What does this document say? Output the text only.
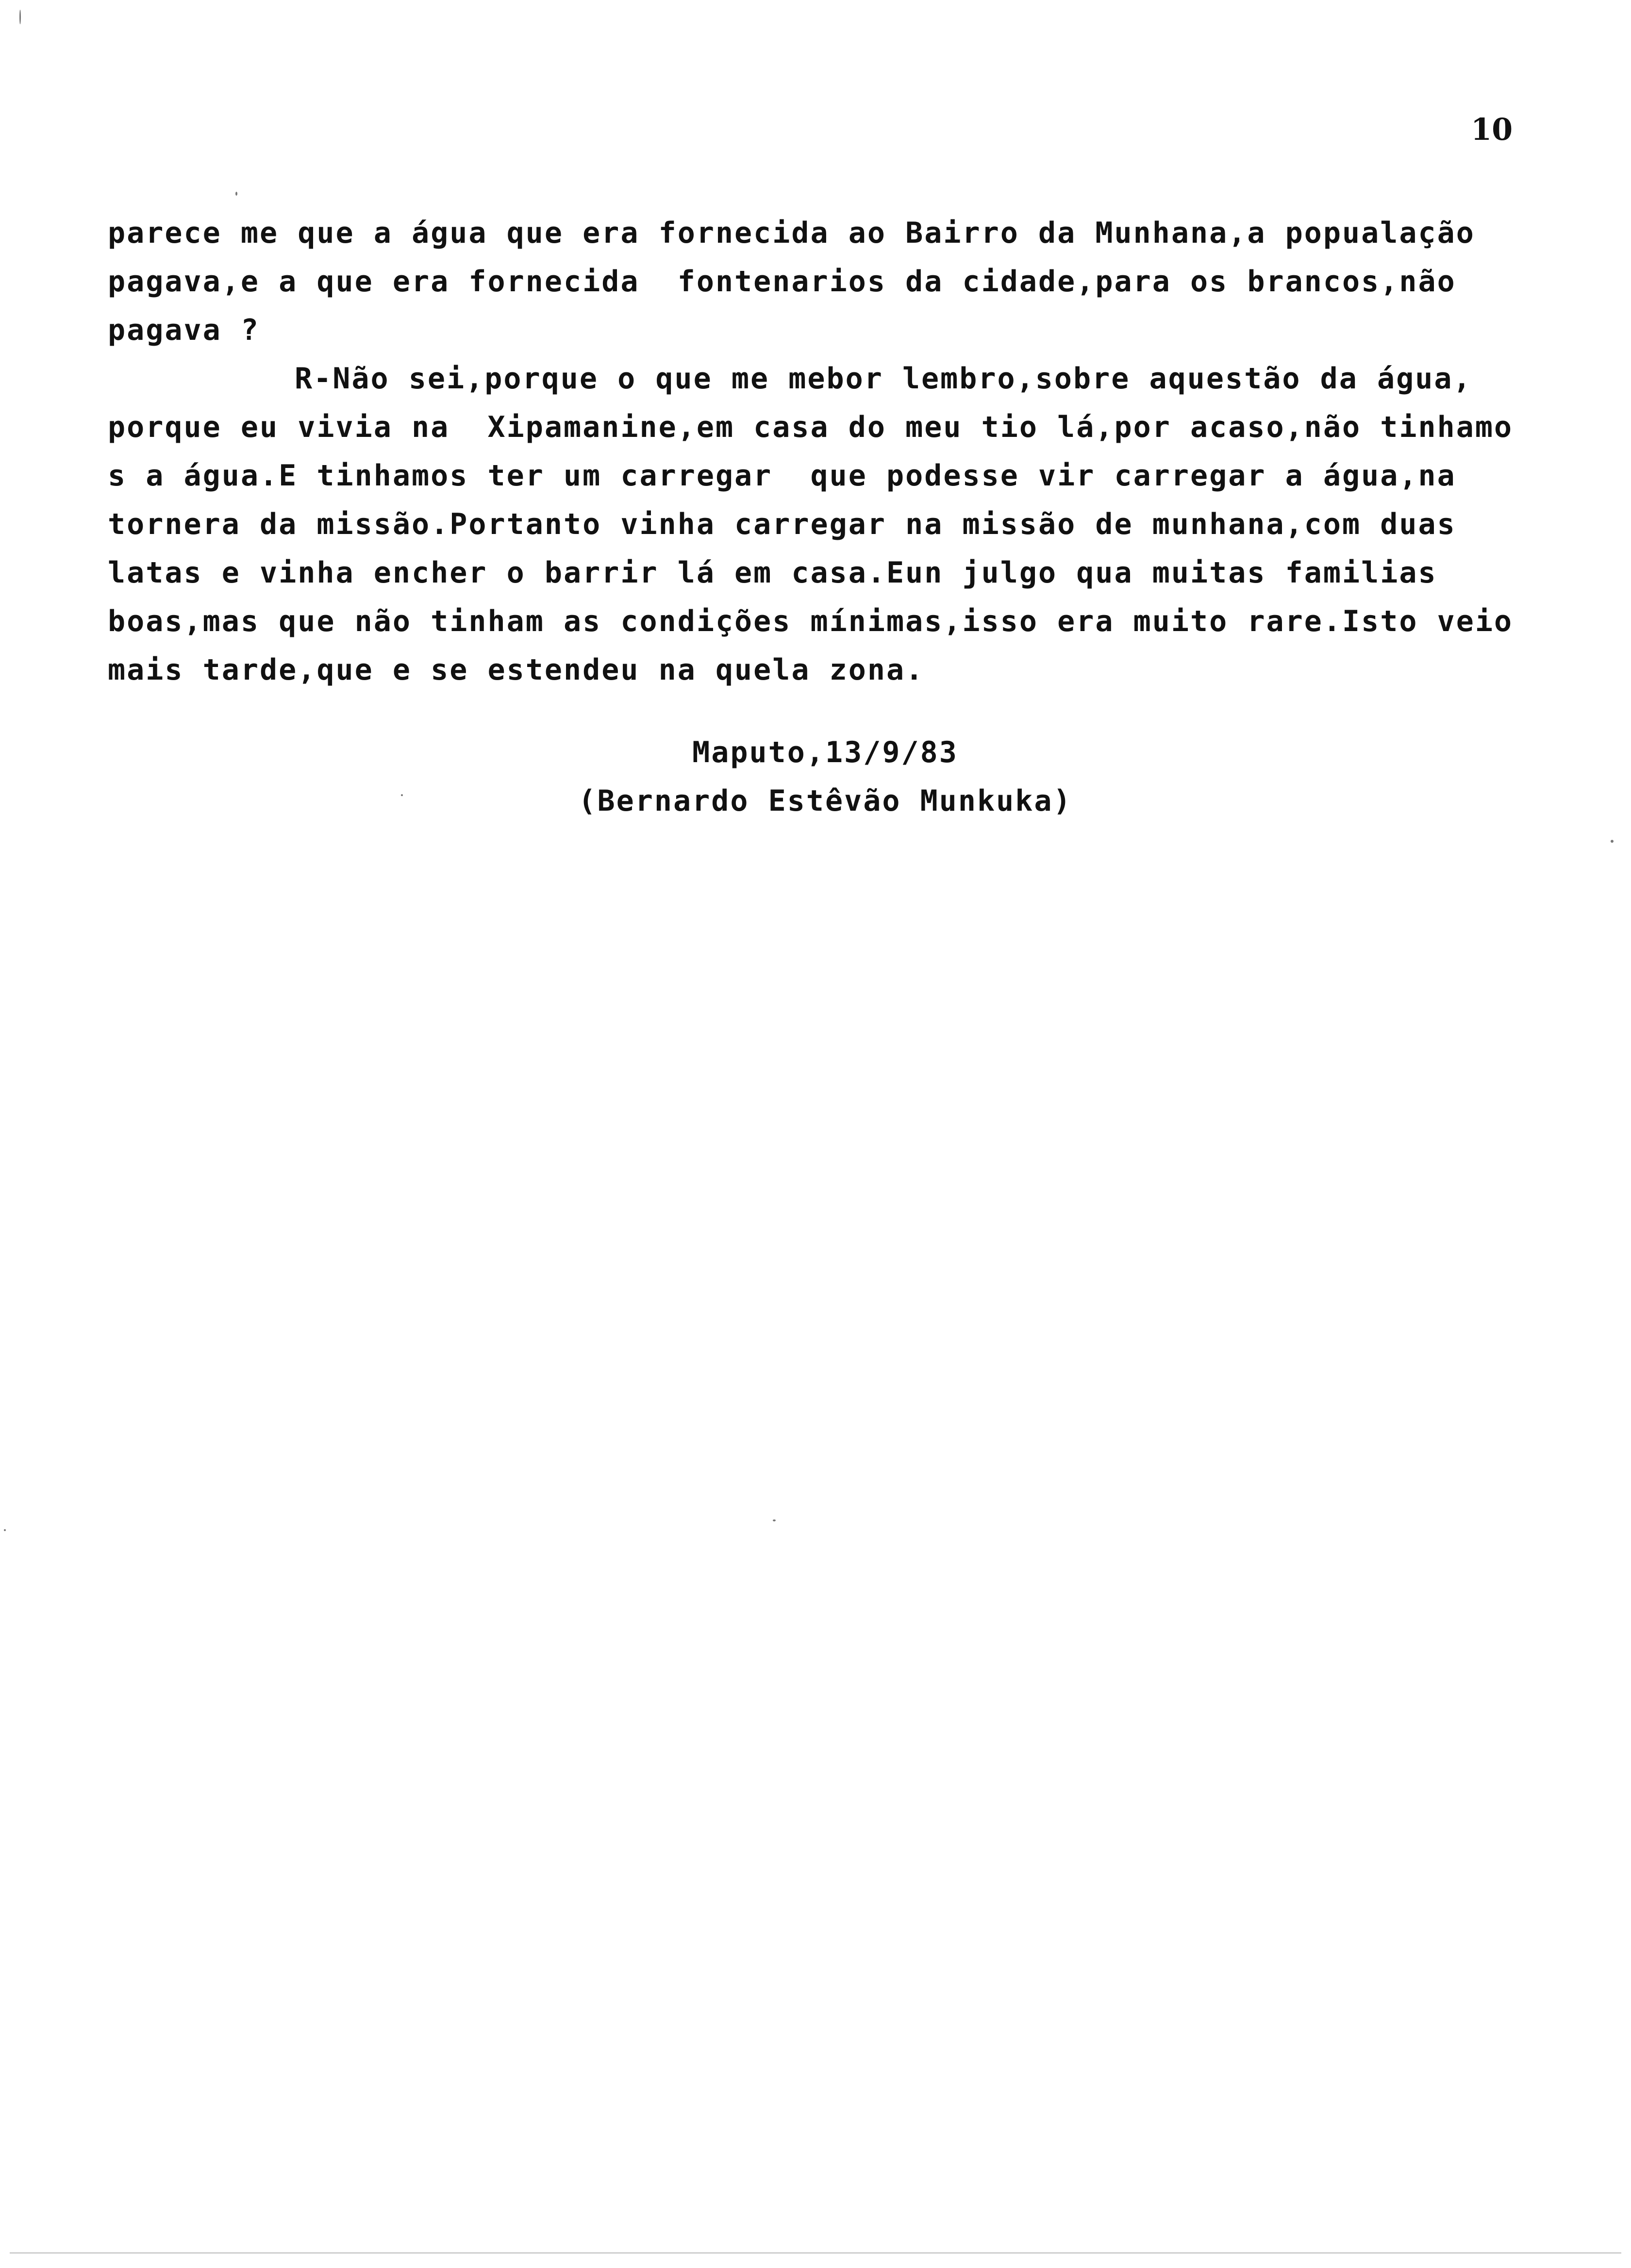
10
parece me que a água que era fornecida ao Bairro da Munhana,a popualação
pagava,e a que era fornecida  fontenarios da cidade,para os brancos,não
pagava ?
R-Não sei,porque o que me mebor lembro,sobre aquestão da água,
porque eu vivia na  Xipamanine,em casa do meu tio lá,por acaso,não tinhamo
s a água.E tinhamos ter um carregar  que podesse vir carregar a água,na
tornera da missão.Portanto vinha carregar na missão de munhana,com duas
latas e vinha encher o barrir lá em casa.Eun julgo qua muitas familias
boas,mas que não tinham as condições mínimas,isso era muito rare.Isto veio
mais tarde,que e se estendeu na quela zona.
Maputo,13/9/83
(Bernardo Estêvão Munkuka)
